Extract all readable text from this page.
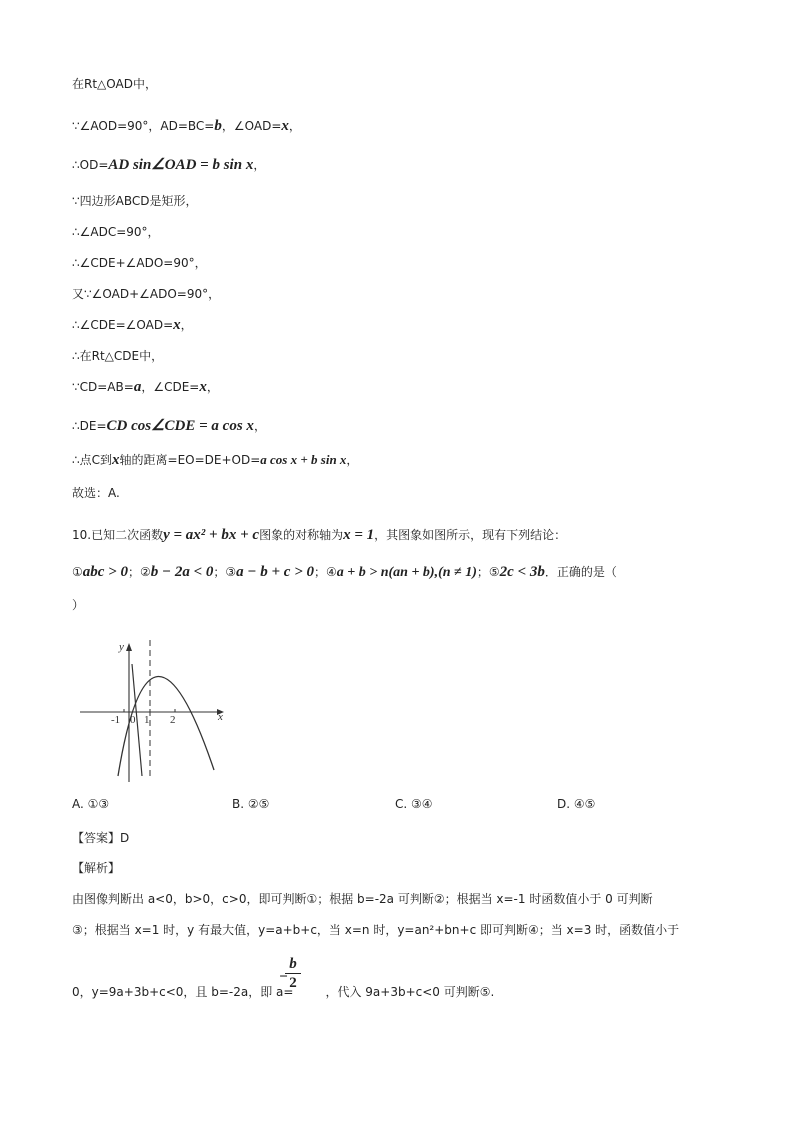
在Rt△OAD中，
∵∠AOD=90°，AD=BC=b，∠OAD=x，
∴OD=AD sin∠OAD = b sin x，
∵四边形ABCD是矩形，
∴∠ADC=90°，
∴∠CDE+∠ADO=90°，
又∵∠OAD+∠ADO=90°，
∴∠CDE=∠OAD=x，
∴在Rt△CDE中，
∵CD=AB=a，∠CDE=x，
∴DE=CD cos∠CDE = a cos x，
∴点C到x轴的距离=EO=DE+OD=a cos x + b sin x，
故选：A.
10.已知二次函数y = ax² + bx + c图象的对称轴为x = 1，其图象如图所示，现有下列结论：
①abc > 0；②b − 2a < 0；③a − b + c > 0；④a + b > n(an + b),(n ≠ 1)；⑤2c < 3b．正确的是（
）
y
x
-1 0 1 2
A. ①③	B. ②⑤	C. ③④	D. ④⑤
【答案】D
【解析】
由图像判断出 a<0，b>0，c>0，即可判断①；根据 b=-2a 可判断②；根据当 x=-1 时函数值小于 0 可判断
③；根据当 x=1 时，y 有最大值，y=a+b+c，当 x=n 时，y=an²+bn+c 即可判断④；当 x=3 时，函数值小于
0，y=9a+3b+c<0，且 b=-2a，即 a=	，代入 9a+3b+c<0 可判断⑤.
−
b
2
